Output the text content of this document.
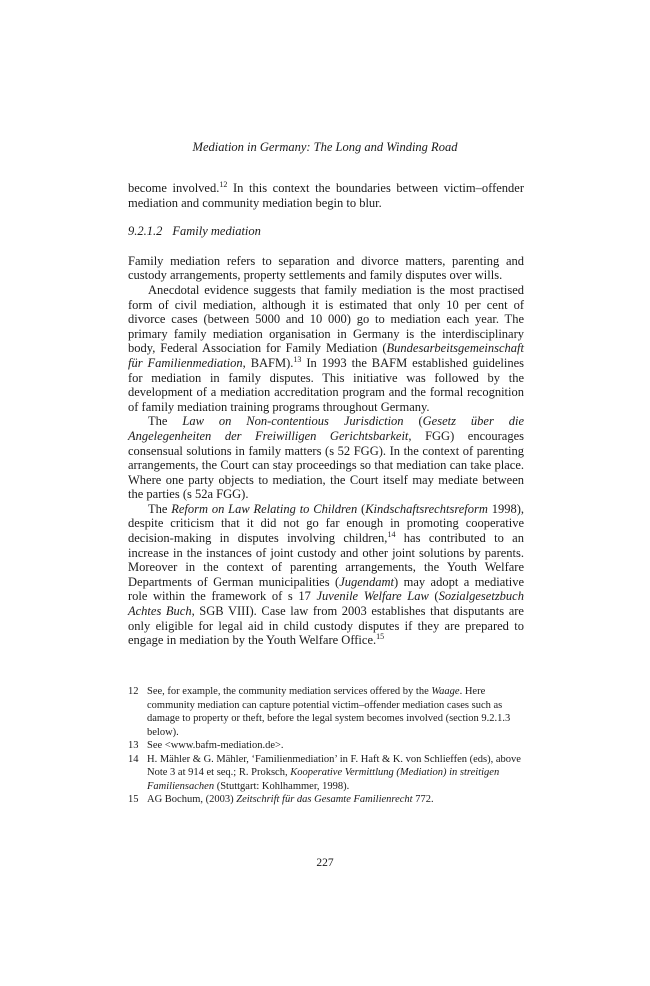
Mediation in Germany: The Long and Winding Road

become involved.$^{12}$ In this context the boundaries between victim–offender mediation and community mediation begin to blur.

9.2.1.2 Family mediation

Family mediation refers to separation and divorce matters, parenting and custody arrangements, property settlements and family disputes over wills.

Anecdotal evidence suggests that family mediation is the most practised form of civil mediation, although it is estimated that only 10 per cent of divorce cases (between 5000 and 10 000) go to mediation each year. The primary family mediation organisation in Germany is the interdisciplinary body, Federal Association for Family Mediation (Bundesarbeitsgemeinschaft für Familienmediation, BAFM).$^{13}$ In 1993 the BAFM established guidelines for mediation in family disputes. This initiative was followed by the development of a mediation accreditation program and the formal recognition of family mediation training programs throughout Germany.

The Law on Non-contentious Jurisdiction (Gesetz über die Angelegenheiten der Freiwilligen Gerichtsbarkeit, FGG) encourages consensual solutions in family matters (s 52 FGG). In the context of parenting arrangements, the Court can stay proceedings so that mediation can take place. Where one party objects to mediation, the Court itself may mediate between the parties (s 52a FGG).

The Reform on Law Relating to Children (Kindschaftsrechtsreform 1998), despite criticism that it did not go far enough in promoting cooperative decision-making in disputes involving children,$^{14}$ has contributed to an increase in the instances of joint custody and other joint solutions by parents. Moreover in the context of parenting arrangements, the Youth Welfare Departments of German municipalities (Jugendamt) may adopt a mediative role within the framework of s 17 Juvenile Welfare Law (Sozialgesetzbuch Achtes Buch, SGB VIII). Case law from 2003 establishes that disputants are only eligible for legal aid in child custody disputes if they are prepared to engage in mediation by the Youth Welfare Office.$^{15}$

12 See, for example, the community mediation services offered by the Waage. Here community mediation can capture potential victim–offender mediation cases such as damage to property or theft, before the legal system becomes involved (section 9.2.1.3 below).
13 See <www.bafm-mediation.de>.
14 H. Mähler & G. Mähler, ‘Familienmediation’ in F. Haft & K. von Schlieffen (eds), above Note 3 at 914 et seq.; R. Proksch, Kooperative Vermittlung (Mediation) in streitigen Familiensachen (Stuttgart: Kohlhammer, 1998).
15 AG Bochum, (2003) Zeitschrift für das Gesamte Familienrecht 772.
227
